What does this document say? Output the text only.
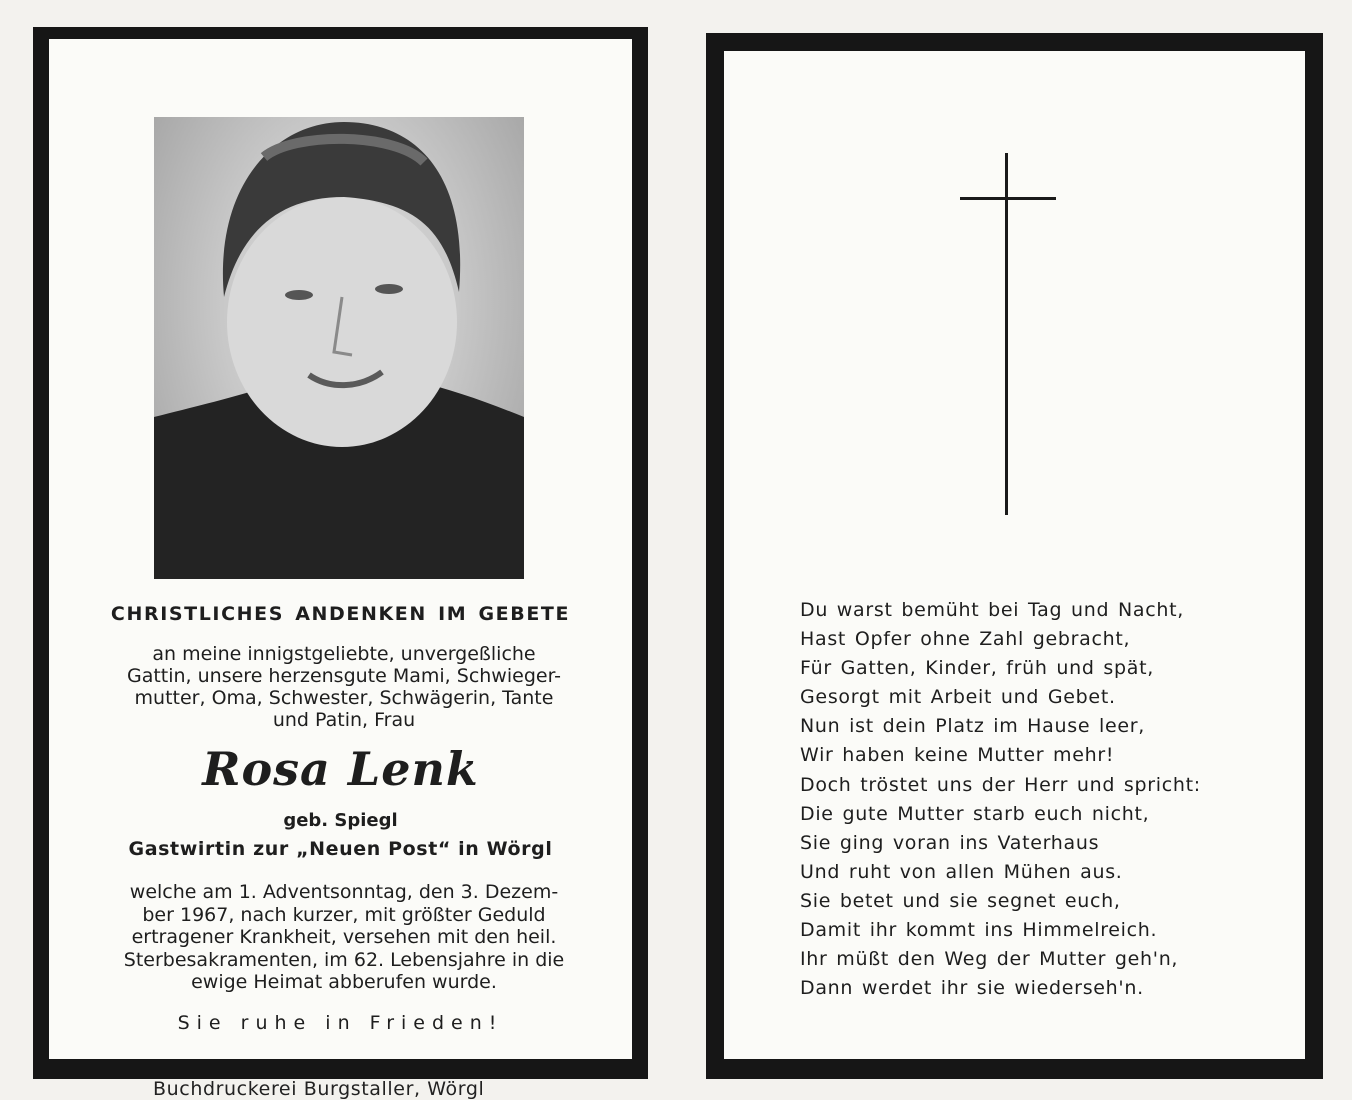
CHRISTLICHES ANDENKEN IM GEBETE
an meine innigstgeliebte, unvergeßliche
Gattin, unsere herzensgute Mami, Schwieger-
mutter, Oma, Schwester, Schwägerin, Tante
und Patin, Frau
Rosa Lenk
geb. Spiegl
Gastwirtin zur „Neuen Post“ in Wörgl
welche am 1. Adventsonntag, den 3. Dezem-
ber 1967, nach kurzer, mit größter Geduld
ertragener Krankheit, versehen mit den heil.
Sterbesakramenten, im 62. Lebensjahre in die
ewige Heimat abberufen wurde.
Sie ruhe in Frieden!
Buchdruckerei Burgstaller, Wörgl
Du warst bemüht bei Tag und Nacht,
Hast Opfer ohne Zahl gebracht,
Für Gatten, Kinder, früh und spät,
Gesorgt mit Arbeit und Gebet.
Nun ist dein Platz im Hause leer,
Wir haben keine Mutter mehr!
Doch tröstet uns der Herr und spricht:
Die gute Mutter starb euch nicht,
Sie ging voran ins Vaterhaus
Und ruht von allen Mühen aus.
Sie betet und sie segnet euch,
Damit ihr kommt ins Himmelreich.
Ihr müßt den Weg der Mutter geh'n,
Dann werdet ihr sie wiederseh'n.
